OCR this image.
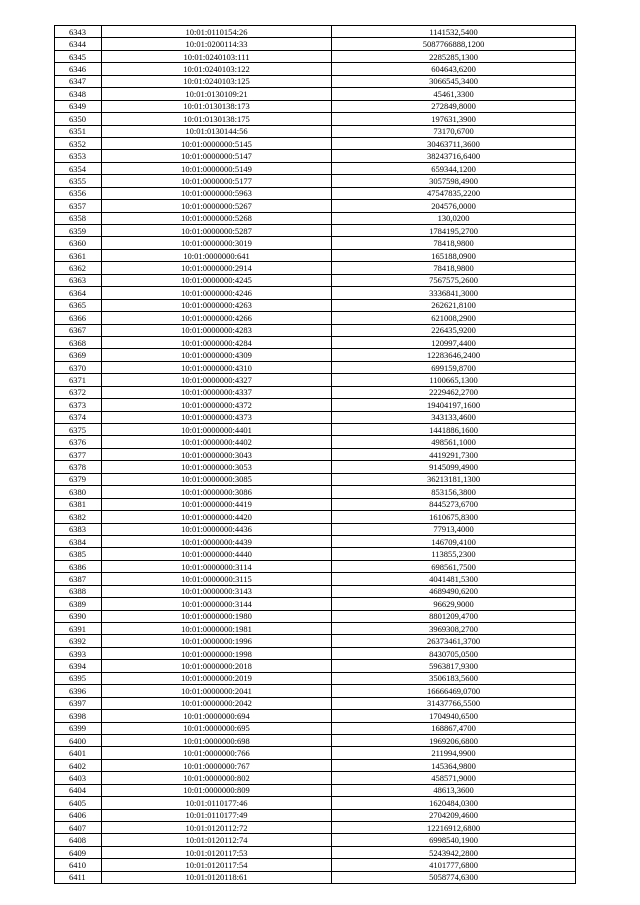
6343	10:01:0110154:26	1141532,5400
6344	10:01:0200114:33	5087766888,1200
6345	10:01:0240103:111	2285285,1300
6346	10:01:0240103:122	604643,6200
6347	10:01:0240103:125	3066545,3400
6348	10:01:0130109:21	45461,3300
6349	10:01:0130138:173	272849,8000
6350	10:01:0130138:175	197631,3900
6351	10:01:0130144:56	73170,6700
6352	10:01:0000000:5145	30463711,3600
6353	10:01:0000000:5147	38243716,6400
6354	10:01:0000000:5149	659344,1200
6355	10:01:0000000:5177	3057598,4900
6356	10:01:0000000:5963	47547835,2200
6357	10:01:0000000:5267	204576,0000
6358	10:01:0000000:5268	130,0200
6359	10:01:0000000:5287	1784195,2700
6360	10:01:0000000:3019	78418,9800
6361	10:01:0000000:641	165188,0900
6362	10:01:0000000:2914	78418,9800
6363	10:01:0000000:4245	7567575,2600
6364	10:01:0000000:4246	3336841,3000
6365	10:01:0000000:4263	262621,8100
6366	10:01:0000000:4266	621008,2900
6367	10:01:0000000:4283	226435,9200
6368	10:01:0000000:4284	120997,4400
6369	10:01:0000000:4309	12283646,2400
6370	10:01:0000000:4310	699159,8700
6371	10:01:0000000:4327	1100665,1300
6372	10:01:0000000:4337	2229462,2700
6373	10:01:0000000:4372	19404197,1600
6374	10:01:0000000:4373	343133,4600
6375	10:01:0000000:4401	1441886,1600
6376	10:01:0000000:4402	498561,1000
6377	10:01:0000000:3043	4419291,7300
6378	10:01:0000000:3053	9145099,4900
6379	10:01:0000000:3085	36213181,1300
6380	10:01:0000000:3086	853156,3800
6381	10:01:0000000:4419	8445273,6700
6382	10:01:0000000:4420	1610675,8300
6383	10:01:0000000:4436	77913,4000
6384	10:01:0000000:4439	146709,4100
6385	10:01:0000000:4440	113855,2300
6386	10:01:0000000:3114	698561,7500
6387	10:01:0000000:3115	4041481,5300
6388	10:01:0000000:3143	4689490,6200
6389	10:01:0000000:3144	96629,9000
6390	10:01:0000000:1980	8801209,4700
6391	10:01:0000000:1981	3969308,2700
6392	10:01:0000000:1996	26373461,3700
6393	10:01:0000000:1998	8430705,0500
6394	10:01:0000000:2018	5963817,9300
6395	10:01:0000000:2019	3506183,5600
6396	10:01:0000000:2041	16666469,0700
6397	10:01:0000000:2042	31437766,5500
6398	10:01:0000000:694	1704940,6500
6399	10:01:0000000:695	168867,4700
6400	10:01:0000000:698	1969206,6800
6401	10:01:0000000:766	211994,9900
6402	10:01:0000000:767	145364,9800
6403	10:01:0000000:802	458571,9000
6404	10:01:0000000:809	48613,3600
6405	10:01:0110177:46	1620484,0300
6406	10:01:0110177:49	2704209,4600
6407	10:01:0120112:72	12216912,6800
6408	10:01:0120112:74	6998540,1900
6409	10:01:0120117:53	5243942,2800
6410	10:01:0120117:54	4101777,6800
6411	10:01:0120118:61	5058774,6300
